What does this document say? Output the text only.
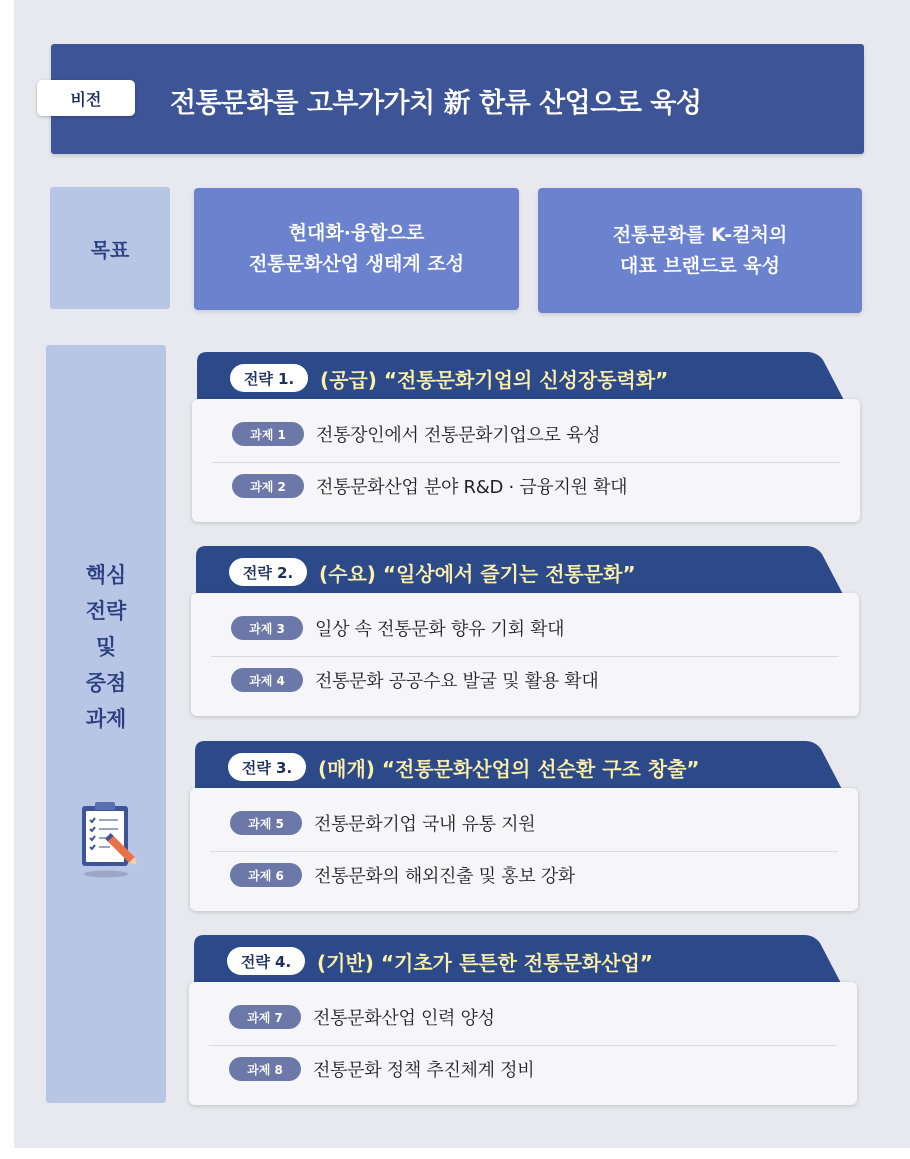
비전	전통문화를 고부가가치 新 한류 산업으로 육성
목표
현대화·융합으로
전통문화산업 생태계 조성
전통문화를 K-컬처의
대표 브랜드로 육성
핵심
전략
및
중점
과제
전략 1.	(공급) “전통문화기업의 신성장동력화”
과제 1	전통장인에서 전통문화기업으로 육성
과제 2	전통문화산업 분야 R&D · 금융지원 확대
전략 2.	(수요) “일상에서 즐기는 전통문화”
과제 3	일상 속 전통문화 향유 기회 확대
과제 4	전통문화 공공수요 발굴 및 활용 확대
전략 3.	(매개) “전통문화산업의 선순환 구조 창출”
과제 5	전통문화기업 국내 유통 지원
과제 6	전통문화의 해외진출 및 홍보 강화
전략 4.	(기반) “기초가 튼튼한 전통문화산업”
과제 7	전통문화산업 인력 양성
과제 8	전통문화 정책 추진체계 정비
